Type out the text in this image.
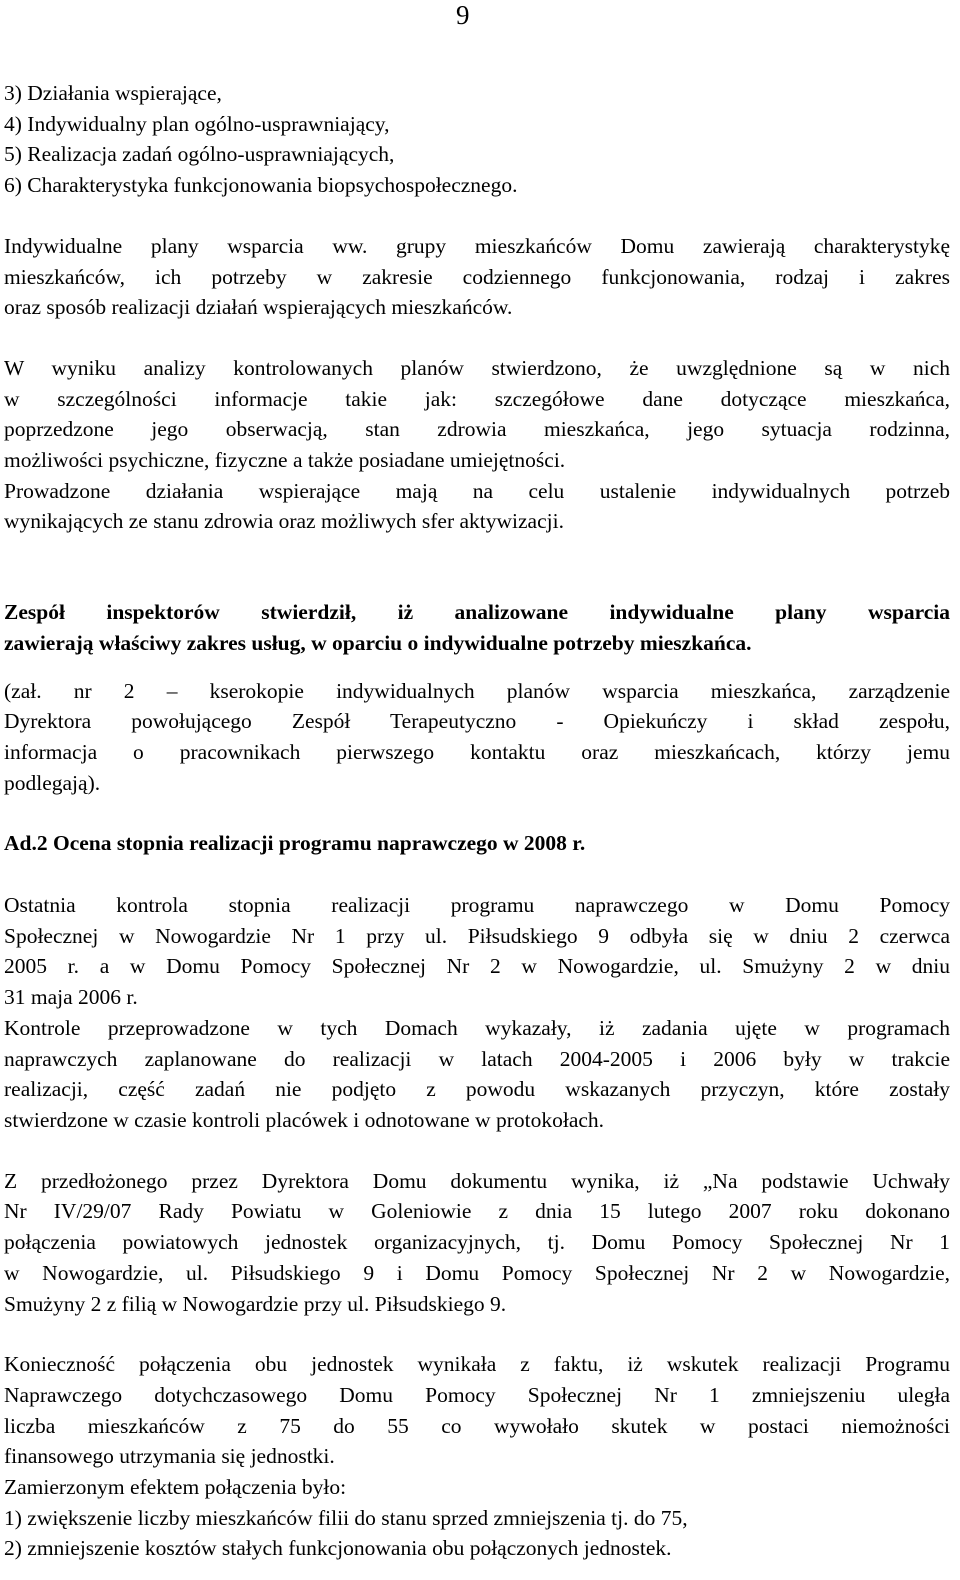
9
3) Działania wspierające,
4) Indywidualny plan ogólno-usprawniający,
5) Realizacja zadań ogólno-usprawniających,
6) Charakterystyka funkcjonowania biopsychospołecznego.

Indywidualne plany wsparcia ww. grupy mieszkańców Domu zawierają charakterystykę
mieszkańców, ich potrzeby w zakresie codziennego funkcjonowania, rodzaj i zakres
oraz sposób realizacji działań wspierających mieszkańców.

W wyniku analizy kontrolowanych planów stwierdzono, że uwzględnione są w nich
w szczególności informacje takie jak: szczegółowe dane dotyczące mieszkańca,
poprzedzone jego obserwacją, stan zdrowia mieszkańca, jego sytuacja rodzinna,
możliwości psychiczne, fizyczne a także posiadane umiejętności.
Prowadzone działania wspierające mają na celu ustalenie indywidualnych potrzeb
wynikających ze stanu zdrowia oraz możliwych sfer aktywizacji.

Zespół inspektorów stwierdził, iż analizowane indywidualne plany wsparcia
zawierają właściwy zakres usług, w oparciu o indywidualne potrzeby mieszkańca.

(zał. nr 2 – kserokopie indywidualnych planów wsparcia mieszkańca, zarządzenie
Dyrektora powołującego Zespół Terapeutyczno - Opiekuńczy i skład zespołu,
informacja o pracownikach pierwszego kontaktu oraz mieszkańcach, którzy jemu
podlegają).

Ad.2 Ocena stopnia realizacji programu naprawczego w 2008 r.

Ostatnia kontrola stopnia realizacji programu naprawczego w Domu Pomocy
Społecznej w Nowogardzie Nr 1 przy ul. Piłsudskiego 9 odbyła się w dniu 2 czerwca
2005 r. a w Domu Pomocy Społecznej Nr 2 w Nowogardzie, ul. Smużyny 2 w dniu
31 maja 2006 r.
Kontrole przeprowadzone w tych Domach wykazały, iż zadania ujęte w programach
naprawczych zaplanowane do realizacji w latach 2004-2005 i 2006 były w trakcie
realizacji, część zadań nie podjęto z powodu wskazanych przyczyn, które zostały
stwierdzone w czasie kontroli placówek i odnotowane w protokołach.

Z przedłożonego przez Dyrektora Domu dokumentu wynika, iż „Na podstawie Uchwały
Nr IV/29/07 Rady Powiatu w Goleniowie z dnia 15 lutego 2007 roku dokonano
połączenia powiatowych jednostek organizacyjnych, tj. Domu Pomocy Społecznej Nr 1
w Nowogardzie, ul. Piłsudskiego 9 i Domu Pomocy Społecznej Nr 2 w Nowogardzie,
Smużyny 2 z filią w Nowogardzie przy ul. Piłsudskiego 9.

Konieczność połączenia obu jednostek wynikała z faktu, iż wskutek realizacji Programu
Naprawczego dotychczasowego Domu Pomocy Społecznej Nr 1 zmniejszeniu uległa
liczba mieszkańców z 75 do 55 co wywołało skutek w postaci niemożności
finansowego utrzymania się jednostki.
Zamierzonym efektem połączenia było:
1) zwiększenie liczby mieszkańców filii do stanu sprzed zmniejszenia tj. do 75,
2) zmniejszenie kosztów stałych funkcjonowania obu połączonych jednostek.
